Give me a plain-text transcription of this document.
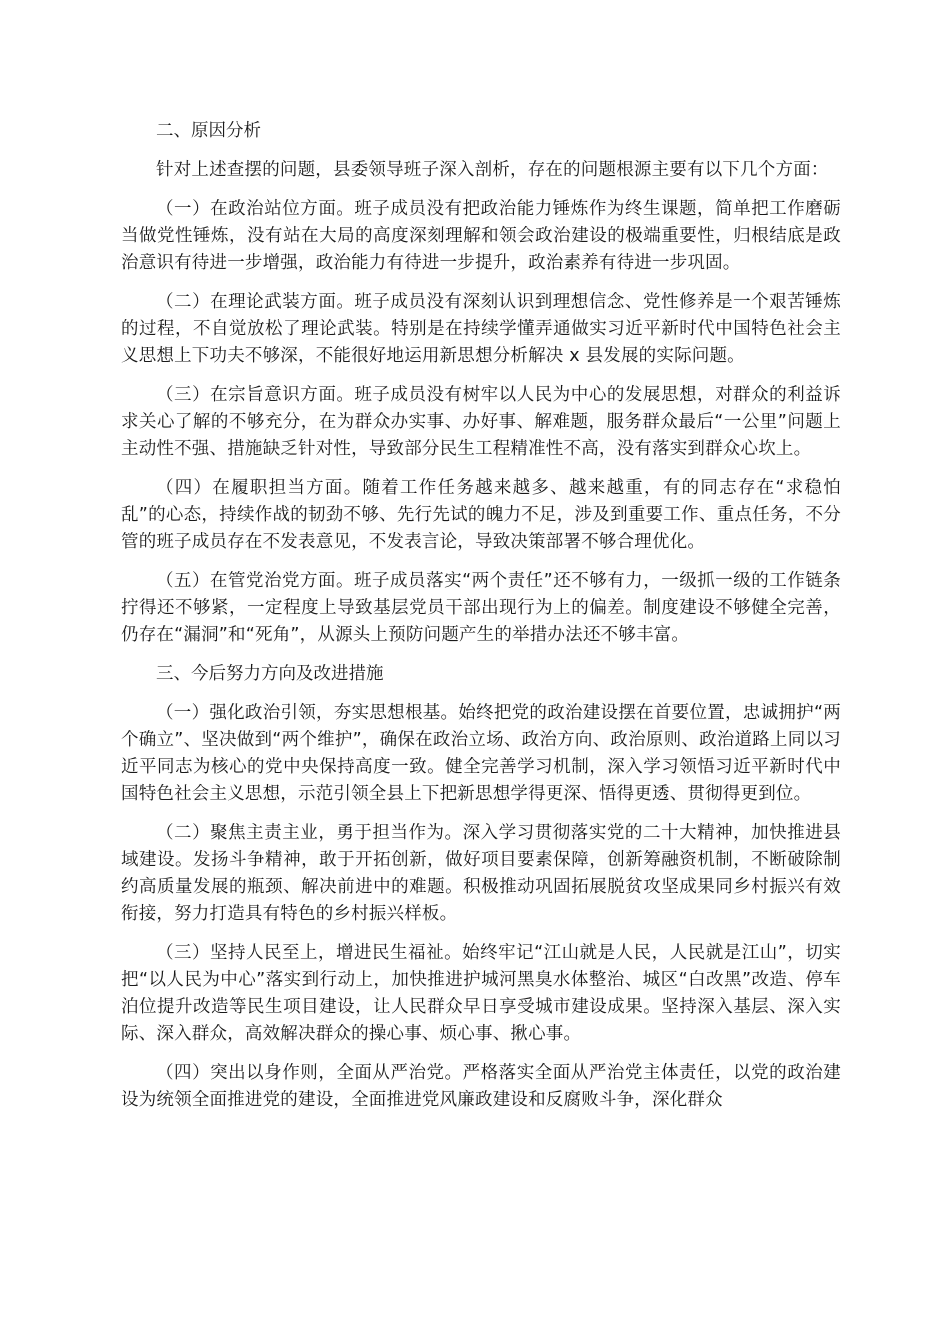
二、原因分析

针对上述查摆的问题，县委领导班子深入剖析，存在的问题根源主要有以下几个方面：

（一）在政治站位方面。班子成员没有把政治能力锤炼作为终生课题，简单把工作磨砺当做党性锤炼，没有站在大局的高度深刻理解和领会政治建设的极端重要性，归根结底是政治意识有待进一步增强，政治能力有待进一步提升，政治素养有待进一步巩固。

（二）在理论武装方面。班子成员没有深刻认识到理想信念、党性修养是一个艰苦锤炼的过程，不自觉放松了理论武装。特别是在持续学懂弄通做实习近平新时代中国特色社会主义思想上下功夫不够深，不能很好地运用新思想分析解决 x 县发展的实际问题。

（三）在宗旨意识方面。班子成员没有树牢以人民为中心的发展思想，对群众的利益诉求关心了解的不够充分，在为群众办实事、办好事、解难题，服务群众最后“一公里”问题上主动性不强、措施缺乏针对性，导致部分民生工程精准性不高，没有落实到群众心坎上。

（四）在履职担当方面。随着工作任务越来越多、越来越重，有的同志存在“求稳怕乱”的心态，持续作战的韧劲不够、先行先试的魄力不足，涉及到重要工作、重点任务，不分管的班子成员存在不发表意见，不发表言论，导致决策部署不够合理优化。

（五）在管党治党方面。班子成员落实“两个责任”还不够有力，一级抓一级的工作链条拧得还不够紧，一定程度上导致基层党员干部出现行为上的偏差。制度建设不够健全完善，仍存在“漏洞”和“死角”，从源头上预防问题产生的举措办法还不够丰富。

三、今后努力方向及改进措施

（一）强化政治引领，夯实思想根基。始终把党的政治建设摆在首要位置，忠诚拥护“两个确立”、坚决做到“两个维护”，确保在政治立场、政治方向、政治原则、政治道路上同以习近平同志为核心的党中央保持高度一致。健全完善学习机制，深入学习领悟习近平新时代中国特色社会主义思想，示范引领全县上下把新思想学得更深、悟得更透、贯彻得更到位。

（二）聚焦主责主业，勇于担当作为。深入学习贯彻落实党的二十大精神，加快推进县域建设。发扬斗争精神，敢于开拓创新，做好项目要素保障，创新筹融资机制，不断破除制约高质量发展的瓶颈、解决前进中的难题。积极推动巩固拓展脱贫攻坚成果同乡村振兴有效衔接，努力打造具有特色的乡村振兴样板。

（三）坚持人民至上，增进民生福祉。始终牢记“江山就是人民，人民就是江山”，切实把“以人民为中心”落实到行动上，加快推进护城河黑臭水体整治、城区“白改黑”改造、停车泊位提升改造等民生项目建设，让人民群众早日享受城市建设成果。坚持深入基层、深入实际、深入群众，高效解决群众的操心事、烦心事、揪心事。

（四）突出以身作则，全面从严治党。严格落实全面从严治党主体责任，以党的政治建设为统领全面推进党的建设，全面推进党风廉政建设和反腐败斗争，深化群众
